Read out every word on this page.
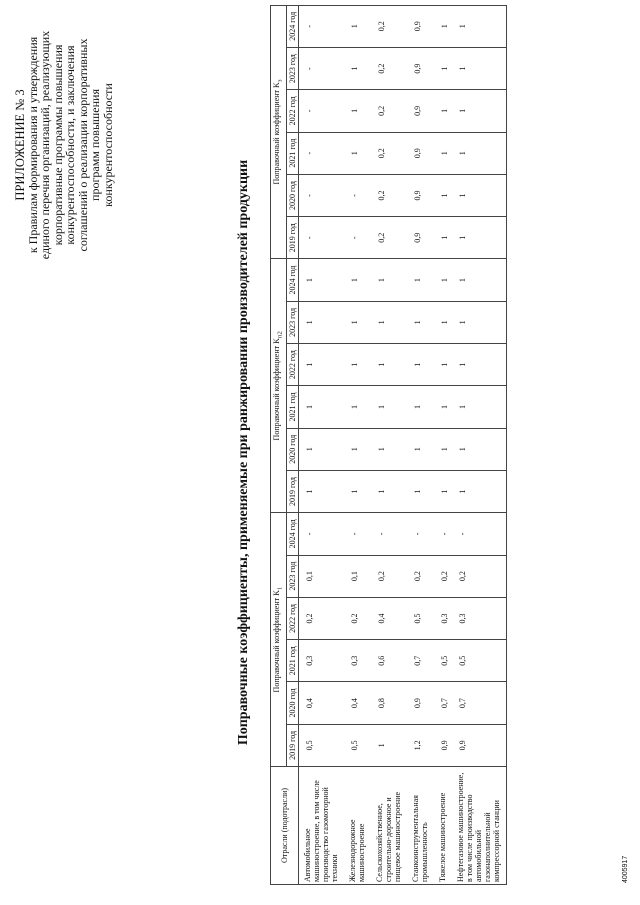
ПРИЛОЖЕНИЕ № 3
к Правилам формирования и утверждения
единого перечня организаций, реализующих
корпоративные программы повышения
конкурентоспособности, и заключения
соглашений о реализации корпоративных
программ повышения
конкурентоспособности
Поправочные коэффициенты, применяемые при ранжировании производителей продукции
Отрасли (подотрасли)	Поправочный коэффициент $K_1$						Поправочный коэффициент $K_{п2}$						Поправочный коэффициент $K_з$
	2019 год	2020 год	2021 год	2022 год	2023 год	2024 год	2019 год	2020 год	2021 год	2022 год	2023 год	2024 год	2019 год	2020 год	2021 год	2022 год	2023 год	2024 год
Автомобильное машиностроение, в том числе производство газомоторной техники	0,5	0,4	0,3	0,2	0,1	-	1	1	1	1	1	1	-	-	-	-	-	-
Железнодорожное машиностроение	0,5	0,4	0,3	0,2	0,1	-	1	1	1	1	1	1	-	-	1	1	1	1
Сельскохозяйственное, строительно-дорожное и пищевое машиностроение	1	0,8	0,6	0,4	0,2	-	1	1	1	1	1	1	0,2	0,2	0,2	0,2	0,2	0,2
Станкоинструментальная промышленность	1,2	0,9	0,7	0,5	0,2	-	1	1	1	1	1	1	0,9	0,9	0,9	0,9	0,9	0,9
Тяжелое машиностроение	0,9	0,7	0,5	0,3	0,2	-	1	1	1	1	1	1	1	1	1	1	1	1
Нефтегазовое машиностроение, в том числе производство автомобильной газонаполнительной компрессорной станции	0,9	0,7	0,5	0,3	0,2	-	1	1	1	1	1	1	1	1	1	1	1	1
4005917
